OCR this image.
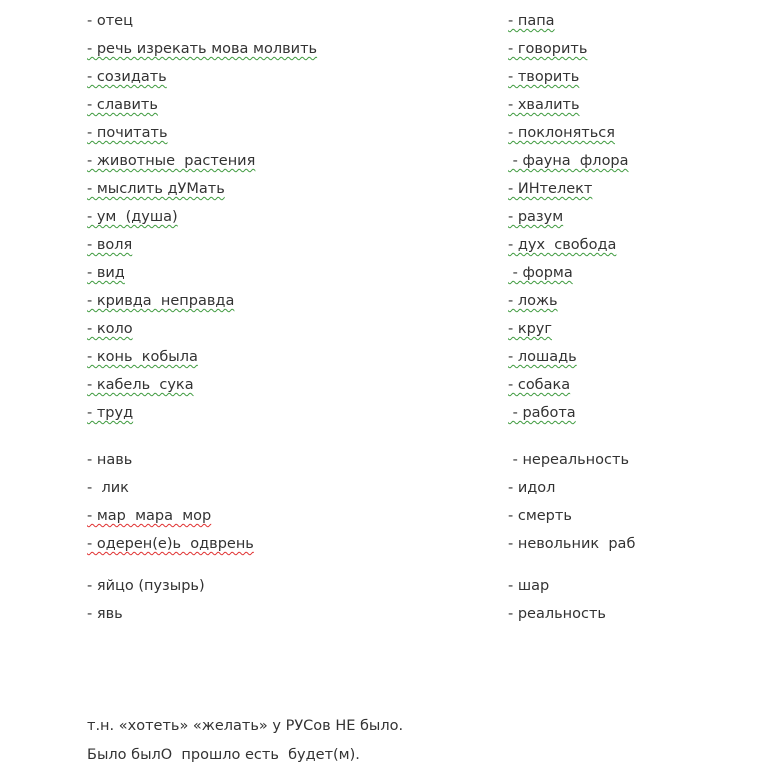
- отец	- папа
- речь изрекать мова молвить	- говорить
- созидать	- творить
- славить	- хвалить
- почитать	- поклоняться
- животные  растения	- фауна  флора
- мыслить дУМать	- ИНтелект
- ум  (душа)	- разум
- воля	- дух  свобода
- вид	- форма
- кривда  неправда	- ложь
- коло	- круг
- конь  кобыла	- лошадь
- кабель  сука	- собака
- труд	- работа
- навь	- нереальность
-  лик	- идол
- мар  мара  мор	- смерть
- одерен(е)ь  одврень	- невольник  раб
- яйцо (пузырь)	- шар
- явь	- реальность
т.н. «хотеть» «желать» у РУСов НЕ было.
Было былО  прошло есть  будет(м).
